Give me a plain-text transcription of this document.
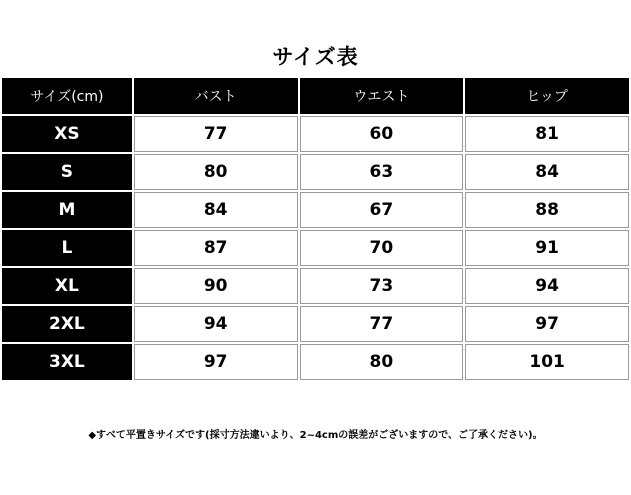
サイズ表
サイズ(cm)	バスト	ウエスト	ヒップ
XS	77	60	81
S	80	63	84
M	84	67	88
L	87	70	91
XL	90	73	94
2XL	94	77	97
3XL	97	80	101
◆すべて平置きサイズです(採寸方法違いより、2~4cmの誤差がございますので、ご了承ください)。
